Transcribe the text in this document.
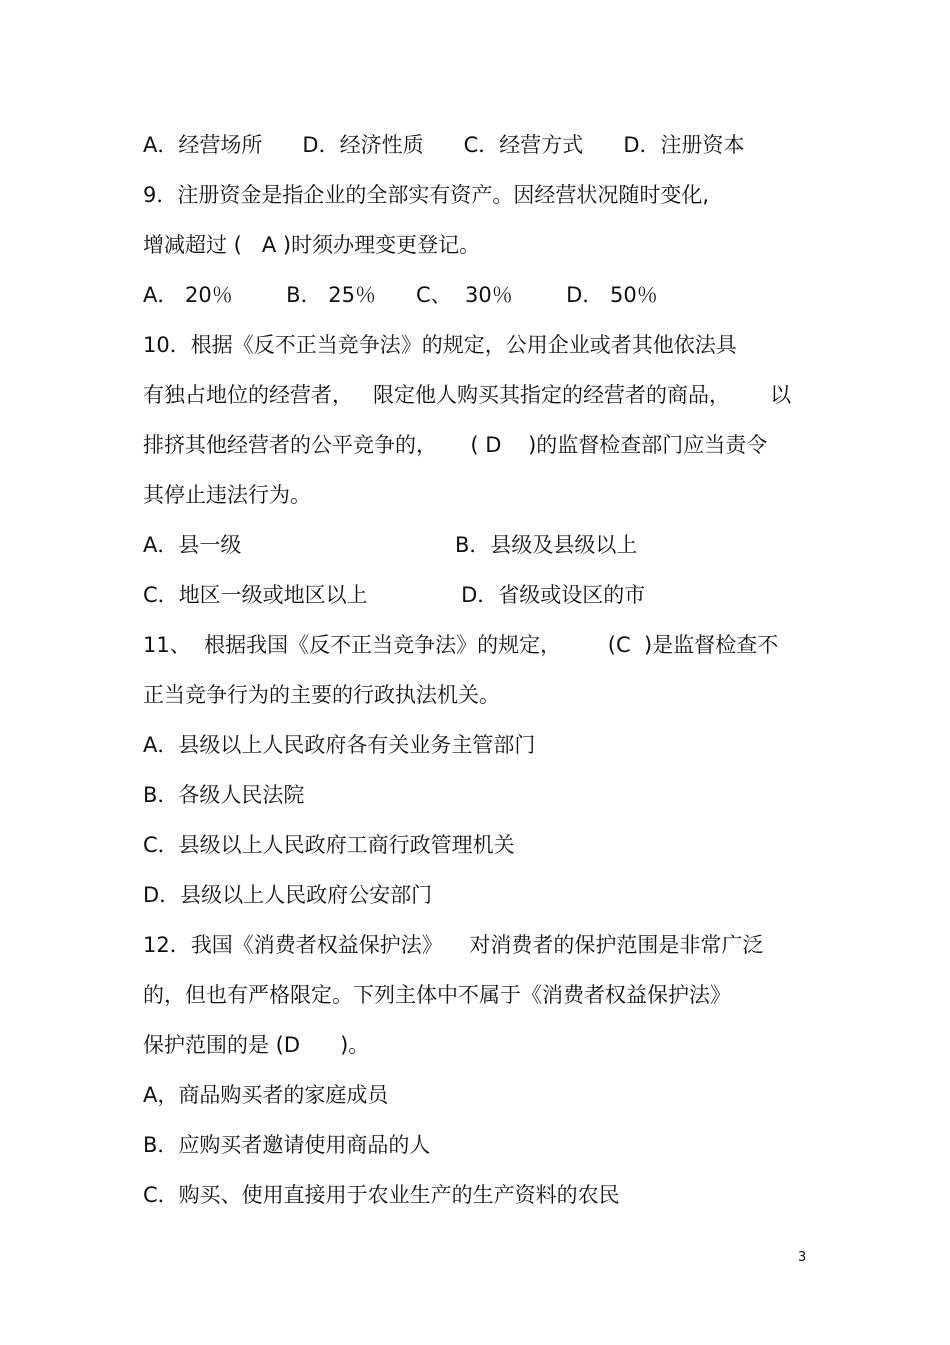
A．经营场所      D．经济性质      C．经营方式      D．注册资本
9．注册资金是指企业的全部实有资产。因经营状况随时变化,
增减超过 (   A )时须办理变更登记。
A． 20％        B． 25％      C、  30％        D． 50％
10．根据《反不正当竞争法》的规定，公用企业或者其他依法具
有独占地位的经营者，   限定他人购买其指定的经营者的商品，      以
排挤其他经营者的公平竞争的，     ( D    )的监督检查部门应当责令
其停止违法行为。
A．县一级                                B．县级及县级以上
C．地区一级或地区以上              D．省级或设区的市
11、  根据我国《反不正当竞争法》的规定，       (C  )是监督检查不
正当竞争行为的主要的行政执法机关。
A．县级以上人民政府各有关业务主管部门
B．各级人民法院
C．县级以上人民政府工商行政管理机关
D．县级以上人民政府公安部门
12．我国《消费者权益保护法》    对消费者的保护范围是非常广泛
的，但也有严格限定。下列主体中不属于《消费者权益保护法》
保护范围的是 (D      )。
A，商品购买者的家庭成员
B．应购买者邀请使用商品的人
C．购买、使用直接用于农业生产的生产资料的农民
3
